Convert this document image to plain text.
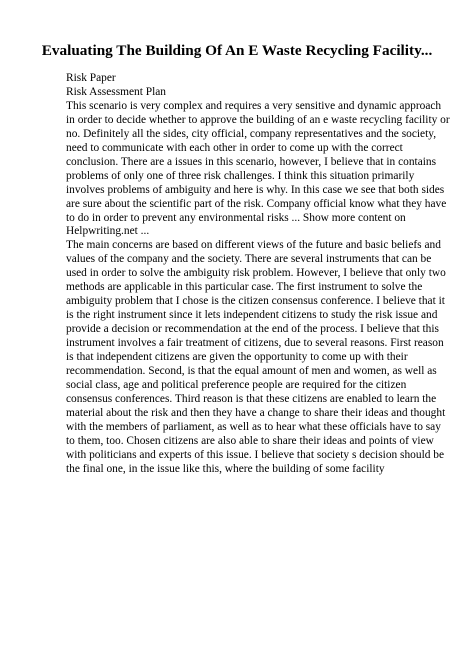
Evaluating The Building Of An E Waste Recycling Facility...
Risk Paper
Risk Assessment Plan
This scenario is very complex and requires a very sensitive and dynamic approach
in order to decide whether to approve the building of an e waste recycling facility or
no. Definitely all the sides, city official, company representatives and the society,
need to communicate with each other in order to come up with the correct
conclusion. There are a issues in this scenario, however, I believe that in contains
problems of only one of three risk challenges. I think this situation primarily
involves problems of ambiguity and here is why. In this case we see that both sides
are sure about the scientific part of the risk. Company official know what they have
to do in order to prevent any environmental risks ... Show more content on
Helpwriting.net ...
The main concerns are based on different views of the future and basic beliefs and
values of the company and the society. There are several instruments that can be
used in order to solve the ambiguity risk problem. However, I believe that only two
methods are applicable in this particular case. The first instrument to solve the
ambiguity problem that I chose is the citizen consensus conference. I believe that it
is the right instrument since it lets independent citizens to study the risk issue and
provide a decision or recommendation at the end of the process. I believe that this
instrument involves a fair treatment of citizens, due to several reasons. First reason
is that independent citizens are given the opportunity to come up with their
recommendation. Second, is that the equal amount of men and women, as well as
social class, age and political preference people are required for the citizen
consensus conferences. Third reason is that these citizens are enabled to learn the
material about the risk and then they have a change to share their ideas and thought
with the members of parliament, as well as to hear what these officials have to say
to them, too. Chosen citizens are also able to share their ideas and points of view
with politicians and experts of this issue. I believe that society s decision should be
the final one, in the issue like this, where the building of some facility
